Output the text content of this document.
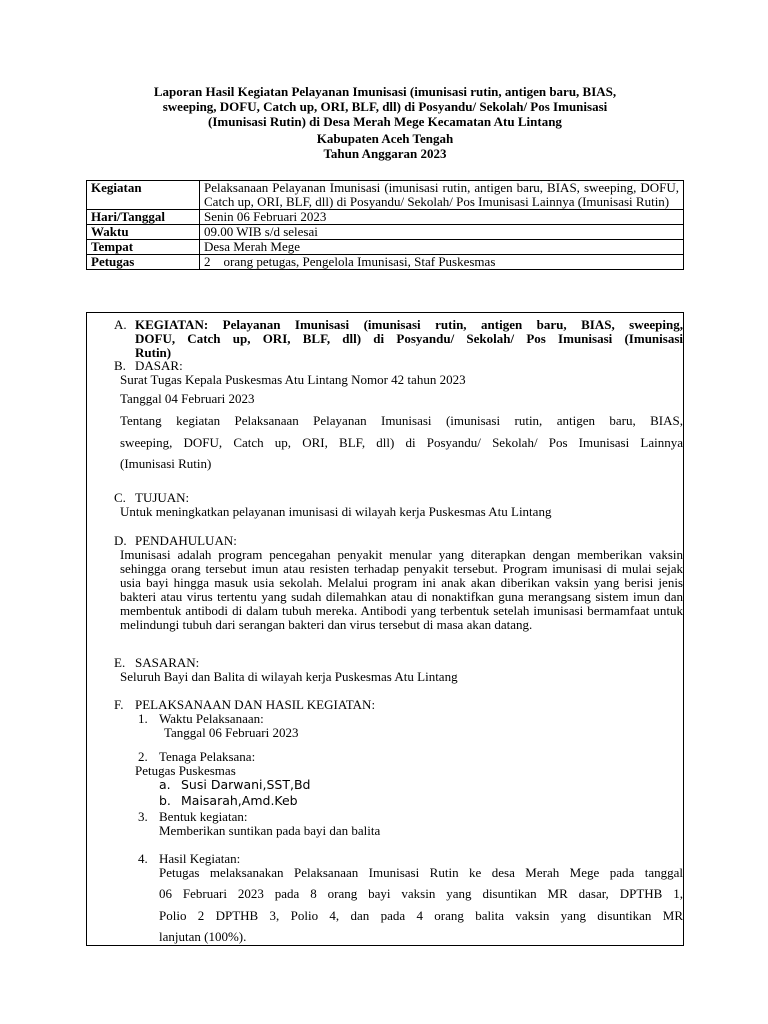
Laporan Hasil Kegiatan Pelayanan Imunisasi (imunisasi rutin, antigen baru, BIAS,
sweeping, DOFU, Catch up, ORI, BLF, dll) di Posyandu/ Sekolah/ Pos Imunisasi
(Imunisasi Rutin) di Desa Merah Mege Kecamatan Atu Lintang
Kabupaten Aceh Tengah
Tahun Anggaran 2023
Kegiatan	Pelaksanaan Pelayanan Imunisasi (imunisasi rutin, antigen baru, BIAS, sweeping, DOFU, Catch up, ORI, BLF, dll) di Posyandu/ Sekolah/ Pos Imunisasi Lainnya (Imunisasi Rutin)
Hari/Tanggal	Senin 06 Februari 2023
Waktu	09.00 WIB s/d selesai
Tempat	Desa Merah Mege
Petugas	2    orang petugas, Pengelola Imunisasi, Staf Puskesmas
A. KEGIATAN: Pelayanan Imunisasi (imunisasi rutin, antigen baru, BIAS, sweeping,
DOFU, Catch up, ORI, BLF, dll) di Posyandu/ Sekolah/ Pos Imunisasi (Imunisasi
Rutin)
B. DASAR:
Surat Tugas Kepala Puskesmas Atu Lintang Nomor 42 tahun 2023
Tanggal 04 Februari 2023
Tentang kegiatan Pelaksanaan Pelayanan Imunisasi (imunisasi rutin, antigen baru, BIAS,
sweeping, DOFU, Catch up, ORI, BLF, dll) di Posyandu/ Sekolah/ Pos Imunisasi Lainnya
(Imunisasi Rutin)
C. TUJUAN:
Untuk meningkatkan pelayanan imunisasi di wilayah kerja Puskesmas Atu Lintang
D. PENDAHULUAN:
Imunisasi adalah program pencegahan penyakit menular yang diterapkan dengan memberikan vaksin sehingga orang tersebut imun atau resisten terhadap penyakit tersebut. Program imunisasi di mulai sejak usia bayi hingga masuk usia sekolah. Melalui program ini anak akan diberikan vaksin yang berisi jenis bakteri atau virus tertentu yang sudah dilemahkan atau di nonaktifkan guna merangsang sistem imun dan membentuk antibodi di dalam tubuh mereka. Antibodi yang terbentuk setelah imunisasi bermamfaat untuk melindungi tubuh dari serangan bakteri dan virus tersebut di masa akan datang.
E. SASARAN:
Seluruh Bayi dan Balita di wilayah kerja Puskesmas Atu Lintang
F. PELAKSANAAN DAN HASIL KEGIATAN:
1. Waktu Pelaksanaan:
Tanggal 06 Februari 2023
2. Tenaga Pelaksana:
Petugas Puskesmas
a. Susi Darwani,SST,Bd
b. Maisarah,Amd.Keb
3. Bentuk kegiatan:
Memberikan suntikan pada bayi dan balita
4. Hasil Kegiatan:
Petugas melaksanakan Pelaksanaan Imunisasi Rutin ke desa Merah Mege pada tanggal
06 Februari 2023 pada 8 orang bayi vaksin yang disuntikan MR dasar, DPTHB 1,
Polio 2 DPTHB 3, Polio 4, dan pada 4 orang balita vaksin yang disuntikan MR
lanjutan (100%).
